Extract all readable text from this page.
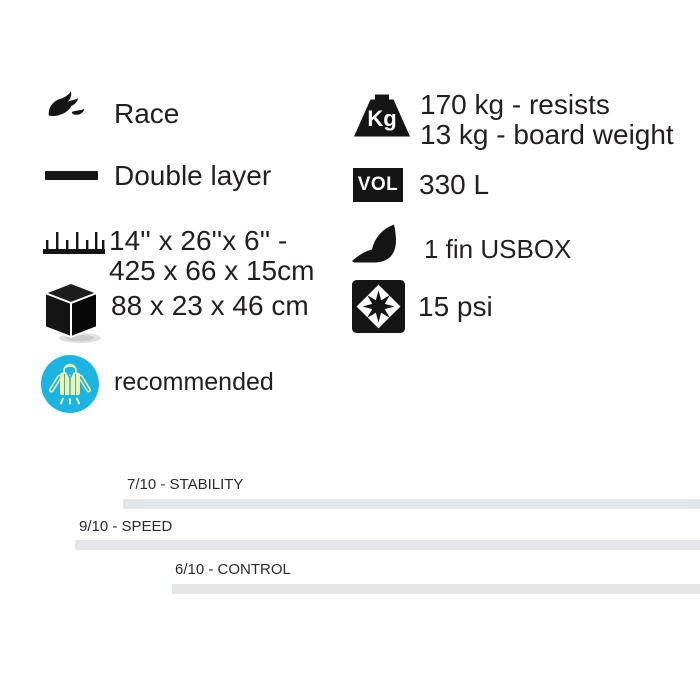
Race
Double layer
14'' x 26''x 6'' -
425 x 66 x 15cm
88 x 23 x 46 cm
recommended
Kg 170 kg - resists
13 kg - board weight
VOL 330 L
1 fin USBOX
15 psi
7/10 - STABILITY
9/10 - SPEED
6/10 - CONTROL
